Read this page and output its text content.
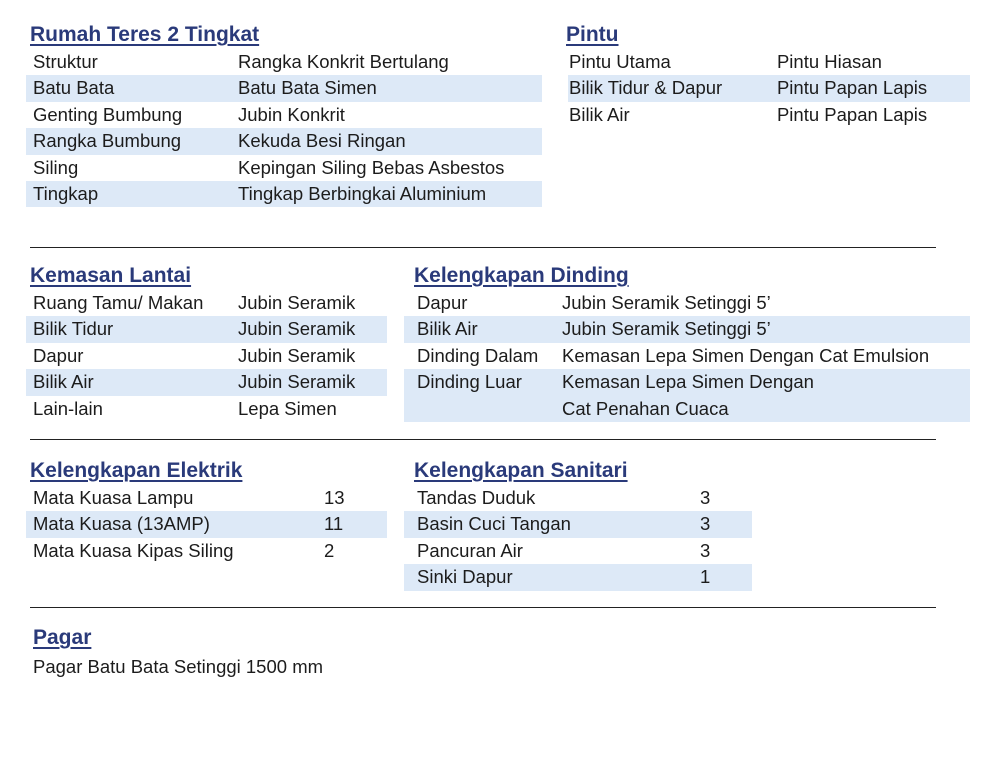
Rumah Teres 2 Tingkat
Struktur	Rangka Konkrit Bertulang
Batu Bata	Batu Bata Simen
Genting Bumbung	Jubin Konkrit
Rangka Bumbung	Kekuda Besi Ringan
Siling	Kepingan Siling Bebas Asbestos
Tingkap	Tingkap Berbingkai Aluminium
Pintu
Pintu Utama	Pintu Hiasan
Bilik Tidur & Dapur	Pintu Papan Lapis
Bilik Air	Pintu Papan Lapis
Kemasan Lantai
Ruang Tamu/ Makan	Jubin Seramik
Bilik Tidur	Jubin Seramik
Dapur	Jubin Seramik
Bilik Air	Jubin Seramik
Lain-lain	Lepa Simen
Kelengkapan Dinding
Dapur	Jubin Seramik Setinggi 5’
Bilik Air	Jubin Seramik Setinggi 5’
Dinding Dalam	Kemasan Lepa Simen Dengan Cat Emulsion
Dinding Luar	Kemasan Lepa Simen Dengan
Cat Penahan Cuaca
Kelengkapan Elektrik
Mata Kuasa Lampu	13
Mata Kuasa (13AMP)	11
Mata Kuasa Kipas Siling	2
Kelengkapan Sanitari
Tandas Duduk	3
Basin Cuci Tangan	3
Pancuran Air	3
Sinki Dapur	1
Pagar
Pagar Batu Bata Setinggi 1500 mm
